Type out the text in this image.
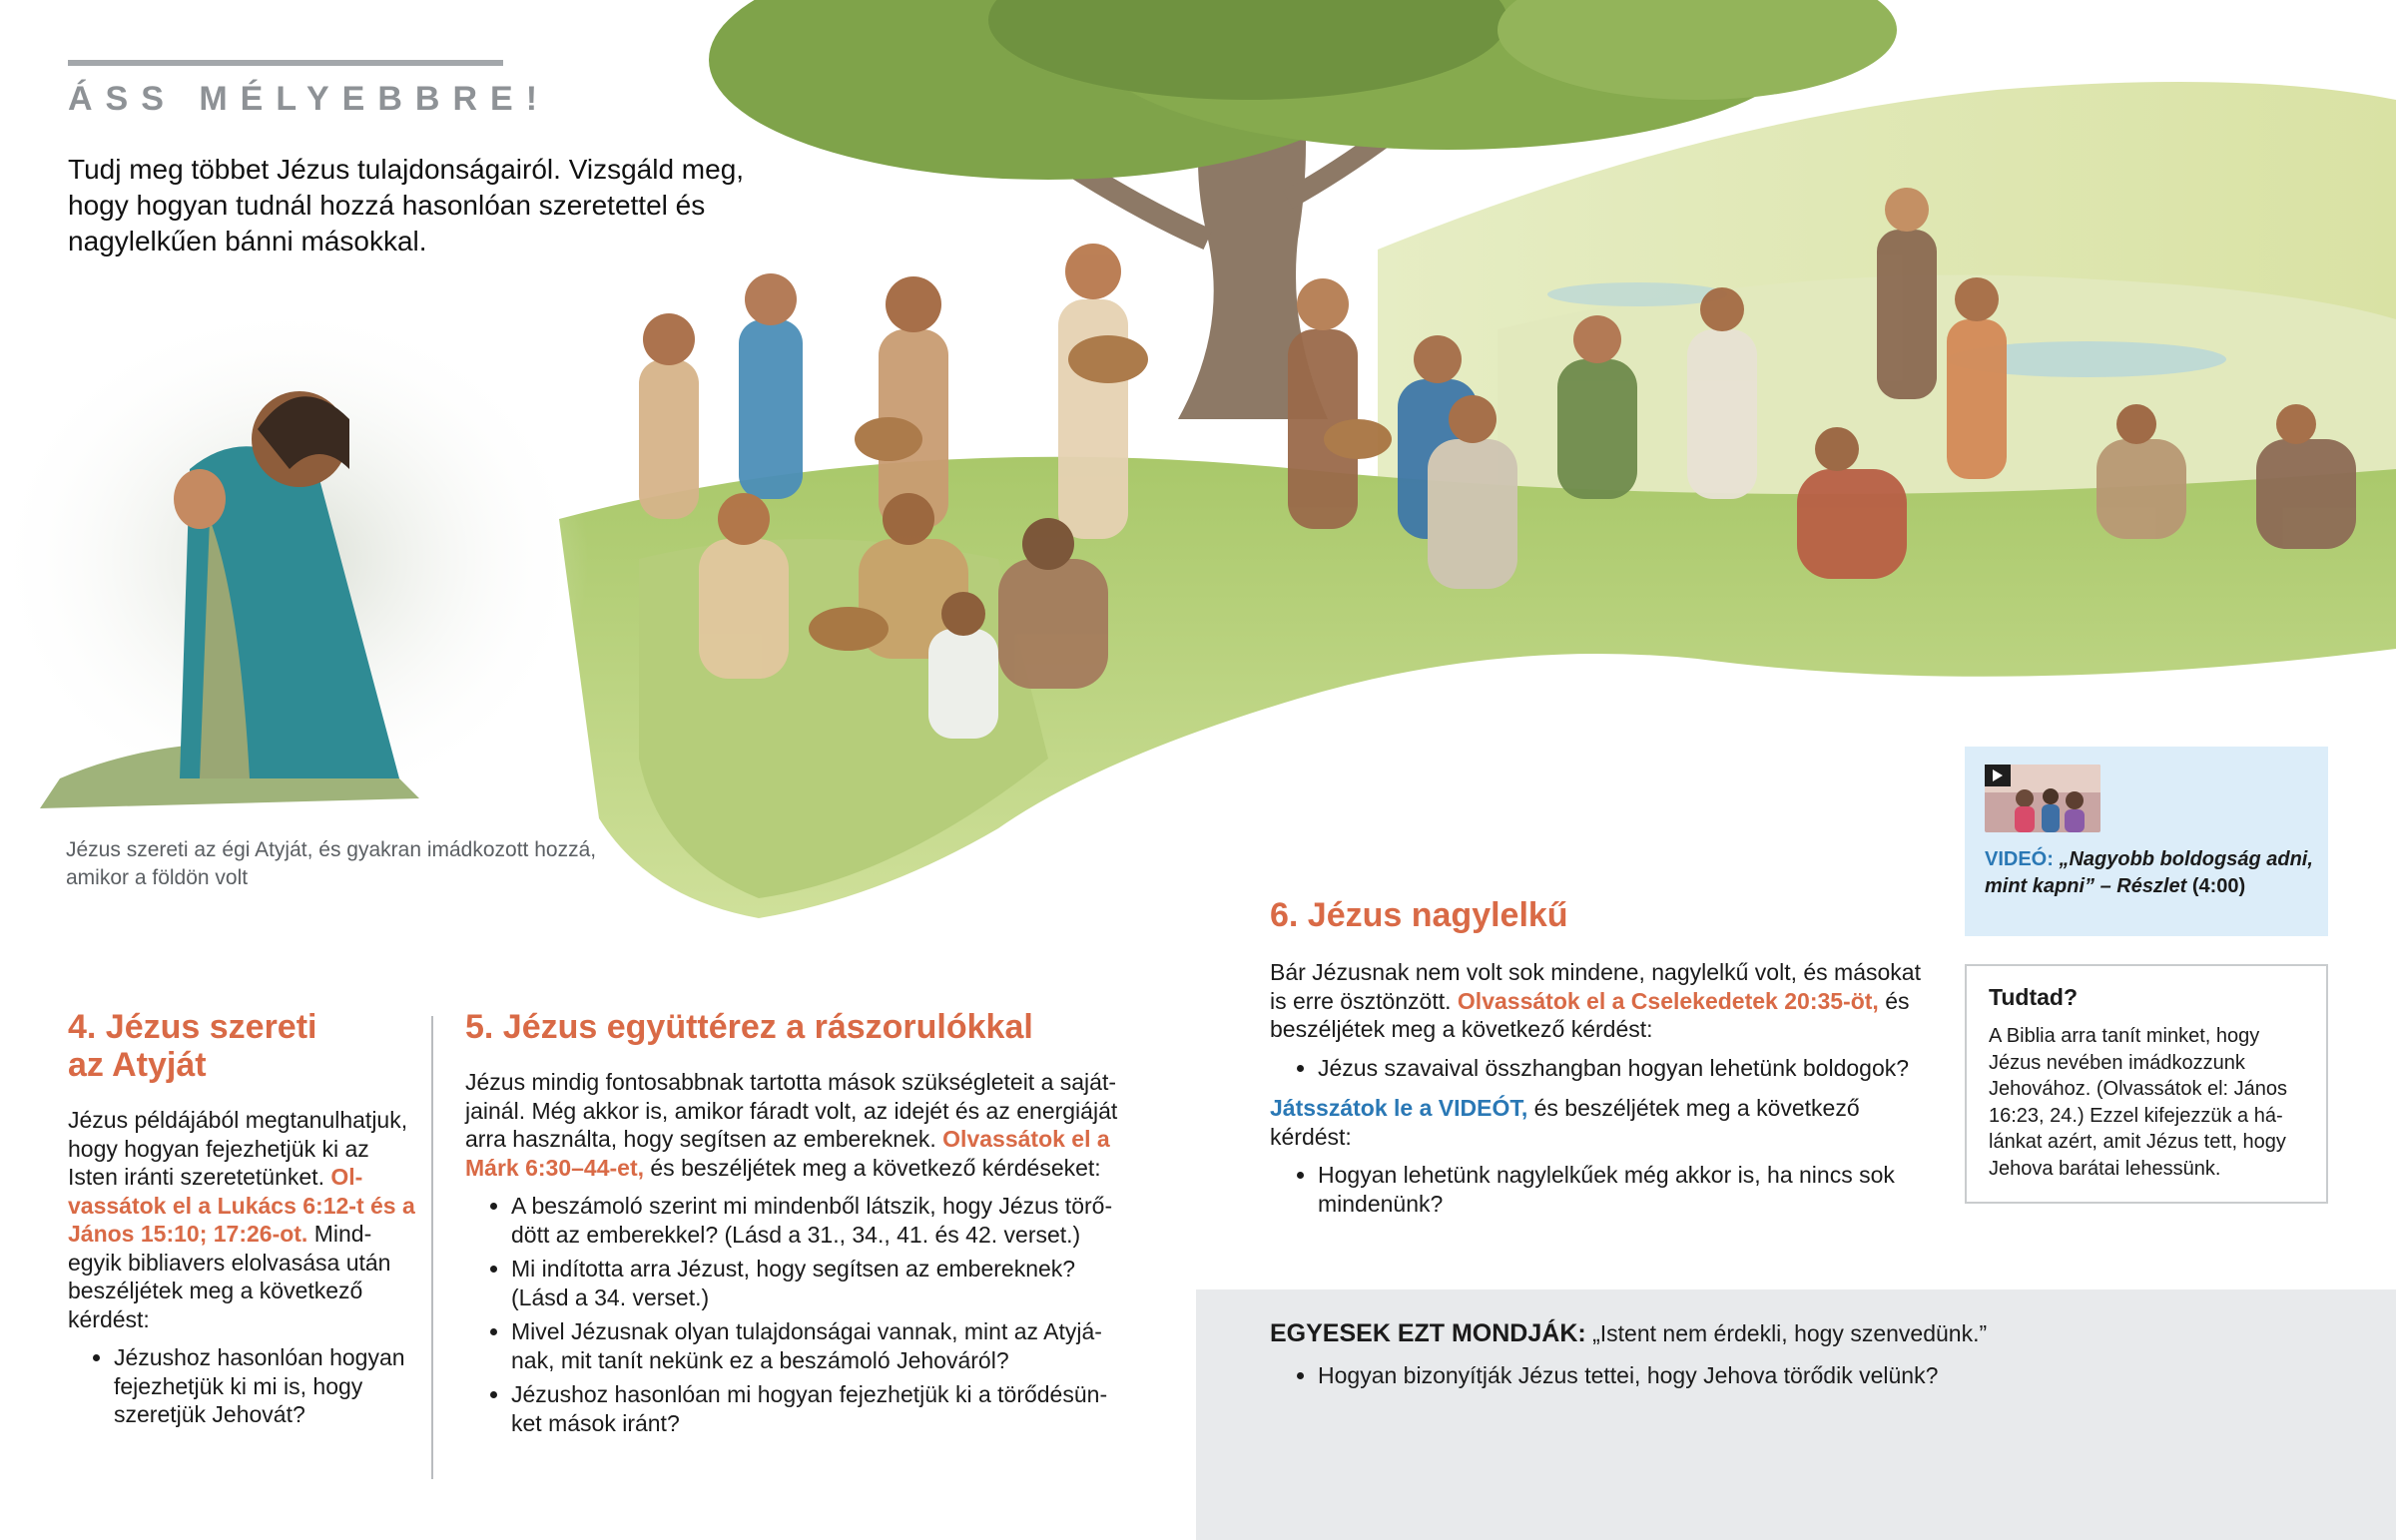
ÁSS MÉLYEBBRE!
Tudj meg többet Jézus tulajdonságairól. Vizsgáld meg, hogy hogyan tudnál hozzá hasonlóan szeretettel és nagylelkűen bánni másokkal.
Jézus szereti az égi Atyját, és gyakran imádkozott hozzá, amikor a földön volt
4. Jézus szereti
az Atyját
Jézus példájából megtanulhatjuk, hogy hogyan fejezhetjük ki az Isten iránti szeretetünket. Olvassátok el a Lukács 6:12-t és a János 15:10; 17:26-ot. Mindegyik bibliavers elolvasása után beszéljétek meg a következő kérdést:
• Jézushoz hasonlóan hogyan fejezhetjük ki mi is, hogy szeretjük Jehovát?
5. Jézus együttérez a rászorulókkal
Jézus mindig fontosabbnak tartotta mások szükségleteit a sajátjainál. Még akkor is, amikor fáradt volt, az idejét és az energiáját arra használta, hogy segítsen az embereknek. Olvassátok el a Márk 6:30–44-et, és beszéljétek meg a következő kérdéseket:
• A beszámoló szerint mi mindenből látszik, hogy Jézus törődött az emberekkel? (Lásd a 31., 34., 41. és 42. verset.)
• Mi indította arra Jézust, hogy segítsen az embereknek? (Lásd a 34. verset.)
• Mivel Jézusnak olyan tulajdonságai vannak, mint az Atyjának, mit tanít nekünk ez a beszámoló Jehováról?
• Jézushoz hasonlóan mi hogyan fejezhetjük ki a törődésünket mások iránt?
6. Jézus nagylelkű
Bár Jézusnak nem volt sok mindene, nagylelkű volt, és másokat is erre ösztönzött. Olvassátok el a Cselekedetek 20:35-öt, és beszéljétek meg a következő kérdést:
• Jézus szavaival összhangban hogyan lehetünk boldogok?
Játsszátok le a VIDEÓT, és beszéljétek meg a következő kérdést:
• Hogyan lehetünk nagylelkűek még akkor is, ha nincs sok mindenünk?
VIDEÓ: „Nagyobb boldogság adni, mint kapni” – Részlet (4:00)
Tudtad?
A Biblia arra tanít minket, hogy Jézus nevében imádkozzunk Jehovához. (Olvassátok el: János 16:23, 24.) Ezzel kifejezzük a hálánkat azért, amit Jézus tett, hogy Jehova barátai lehessünk.
EGYESEK EZT MONDJÁK: „Istent nem érdekli, hogy szenvedünk.”
• Hogyan bizonyítják Jézus tettei, hogy Jehova törődik velünk?
